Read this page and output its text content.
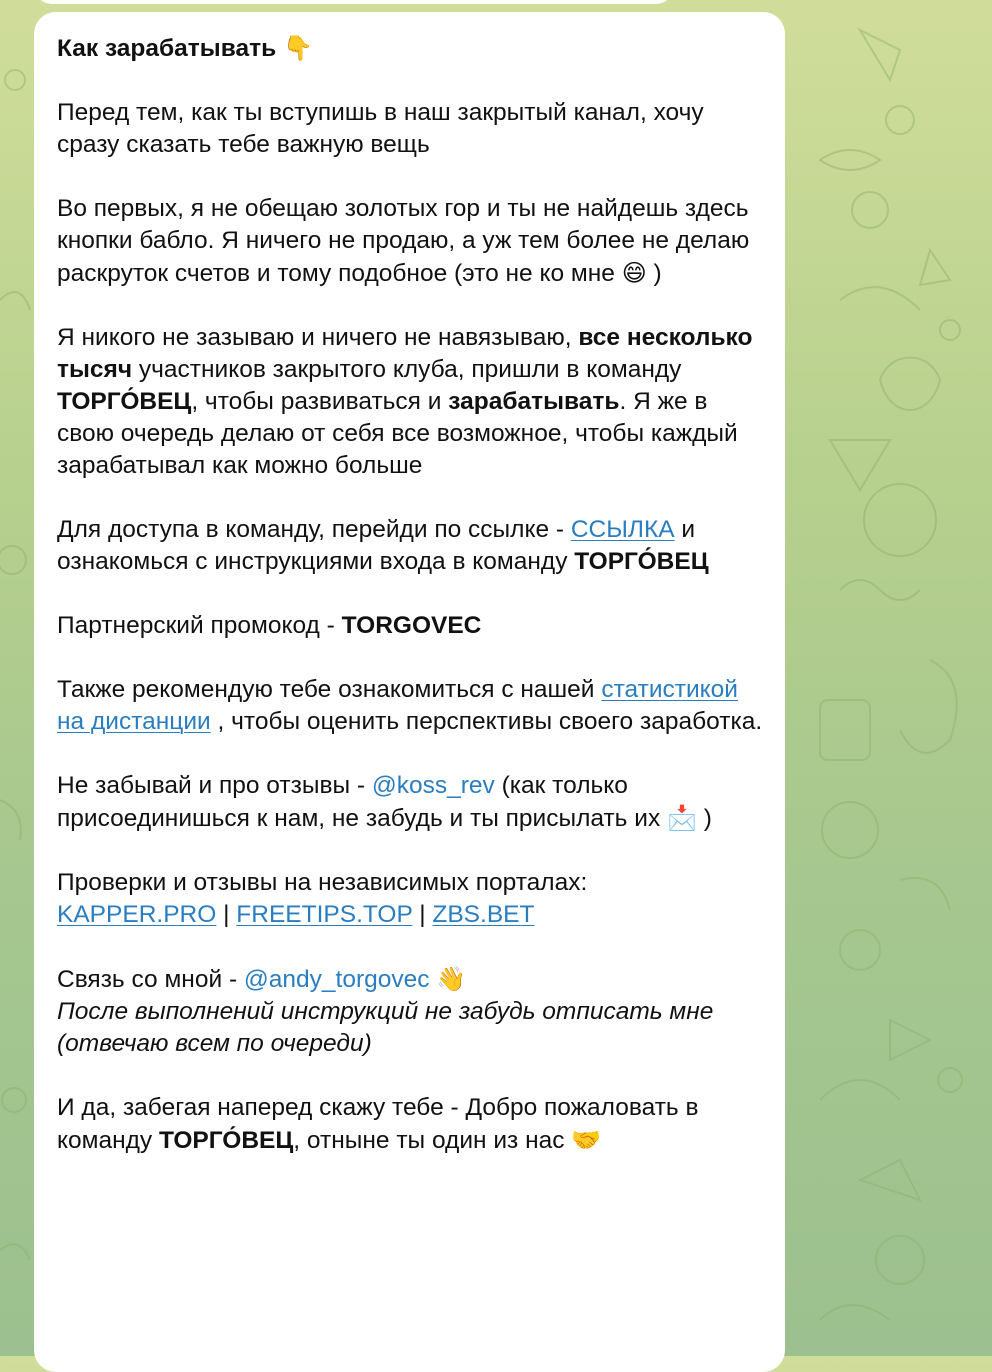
Как зарабатывать 👇
Перед тем, как ты вступишь в наш закрытый канал, хочу сразу сказать тебе важную вещь
Во первых, я не обещаю золотых гор и ты не найдешь здесь кнопки бабло. Я ничего не продаю, а уж тем более не делаю раскруток счетов и тому подобное (это не ко мне 😄 )
Я никого не зазываю и ничего не навязываю, все несколько тысяч участников закрытого клуба, пришли в команду ТОРГО́ВЕЦ, чтобы развиваться и зарабатывать. Я же в свою очередь делаю от себя все возможное, чтобы каждый зарабатывал как можно больше
Для доступа в команду, перейди по ссылке - ССЫЛКА и ознакомься с инструкциями входа в команду ТОРГО́ВЕЦ
Партнерский промокод - TORGOVEC
Также рекомендую тебе ознакомиться с нашей статистикой на дистанции , чтобы оценить перспективы своего заработка.
Не забывай и про отзывы - @koss_rev (как только присоединишься к нам, не забудь и ты присылать их 📩 )
Проверки и отзывы на независимых порталах:
KAPPER.PRO | FREETIPS.TOP | ZBS.BET
Связь со мной - @andy_torgovec 👋
После выполнений инструкций не забудь отписать мне (отвечаю всем по очереди)
И да, забегая наперед скажу тебе - Добро пожаловать в команду ТОРГО́ВЕЦ, отныне ты один из нас 🤝
